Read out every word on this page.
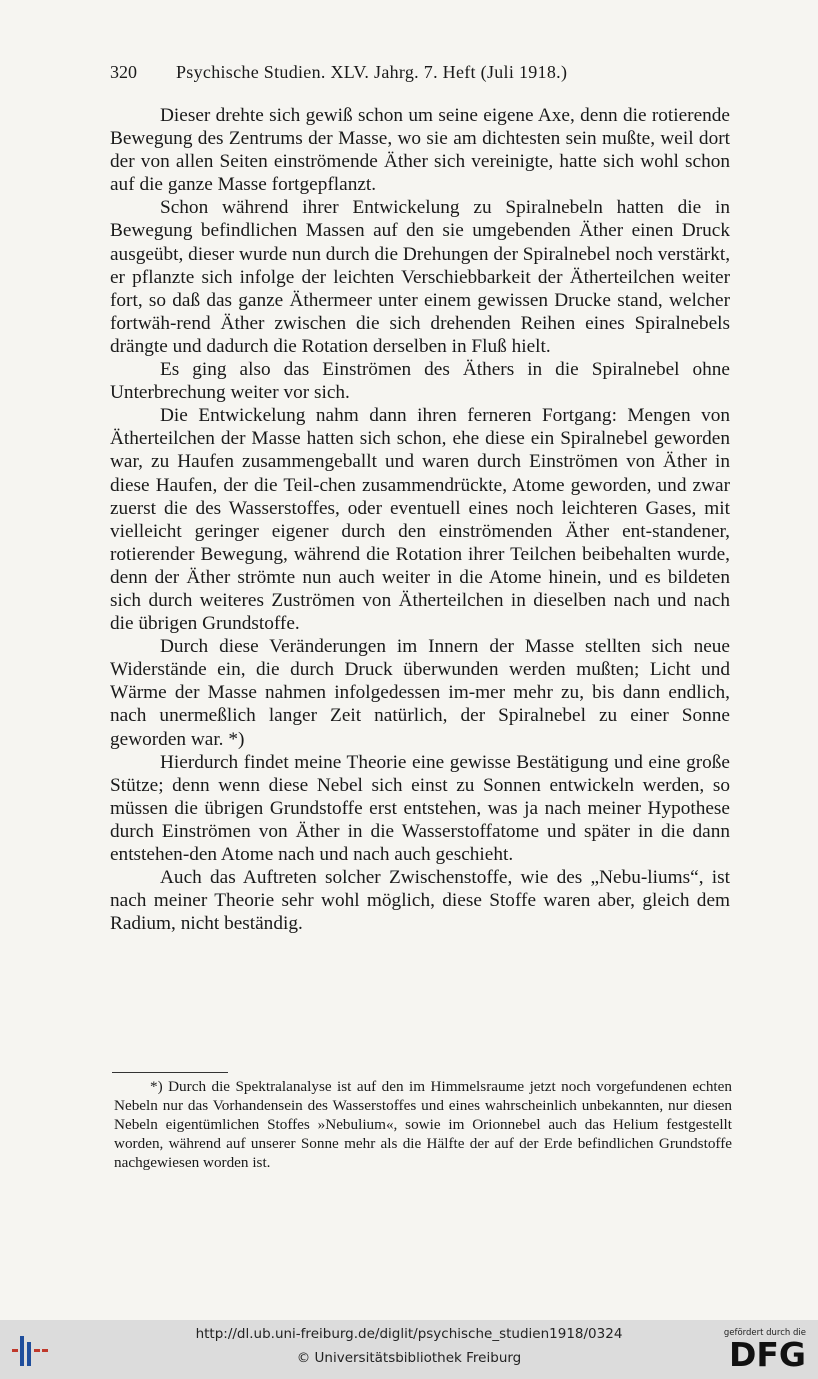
320 Psychische Studien. XLV. Jahrg. 7. Heft (Juli 1918.)

Dieser drehte sich gewiß schon um seine eigene Axe, denn die rotierende Bewegung des Zentrums der Masse, wo sie am dichtesten sein mußte, weil dort der von allen Seiten einströmende Äther sich vereinigte, hatte sich wohl schon auf die ganze Masse fortgepflanzt.

Schon während ihrer Entwickelung zu Spiralnebeln hatten die in Bewegung befindlichen Massen auf den sie umgebenden Äther einen Druck ausgeübt, dieser wurde nun durch die Drehungen der Spiralnebel noch verstärkt, er pflanzte sich infolge der leichten Verschiebbarkeit der Ätherteilchen weiter fort, so daß das ganze Äthermeer unter einem gewissen Drucke stand, welcher fortwäh-rend Äther zwischen die sich drehenden Reihen eines Spiralnebels drängte und dadurch die Rotation derselben in Fluß hielt.

Es ging also das Einströmen des Äthers in die Spiralnebel ohne Unterbrechung weiter vor sich.

Die Entwickelung nahm dann ihren ferneren Fortgang: Mengen von Ätherteilchen der Masse hatten sich schon, ehe diese ein Spiralnebel geworden war, zu Haufen zusammengeballt und waren durch Einströmen von Äther in diese Haufen, der die Teil-chen zusammendrückte, Atome geworden, und zwar zuerst die des Wasserstoffes, oder eventuell eines noch leichteren Gases, mit vielleicht geringer eigener durch den einströmenden Äther ent-standener, rotierender Bewegung, während die Rotation ihrer Teilchen beibehalten wurde, denn der Äther strömte nun auch weiter in die Atome hinein, und es bildeten sich durch weiteres Zuströmen von Ätherteilchen in dieselben nach und nach die übrigen Grundstoffe.

Durch diese Veränderungen im Innern der Masse stellten sich neue Widerstände ein, die durch Druck überwunden werden mußten; Licht und Wärme der Masse nahmen infolgedessen im-mer mehr zu, bis dann endlich, nach unermeßlich langer Zeit natürlich, der Spiralnebel zu einer Sonne geworden war. *)

Hierdurch findet meine Theorie eine gewisse Bestätigung und eine große Stütze; denn wenn diese Nebel sich einst zu Sonnen entwickeln werden, so müssen die übrigen Grundstoffe erst entstehen, was ja nach meiner Hypothese durch Einströmen von Äther in die Wasserstoffatome und später in die dann entstehen-den Atome nach und nach auch geschieht.

Auch das Auftreten solcher Zwischenstoffe, wie des „Nebu-liums“, ist nach meiner Theorie sehr wohl möglich, diese Stoffe waren aber, gleich dem Radium, nicht beständig.

*) Durch die Spektralanalyse ist auf den im Himmelsraume jetzt noch vorgefundenen echten Nebeln nur das Vorhandensein des Wasserstoffes und eines wahrscheinlich unbekannten, nur diesen Nebeln eigentümlichen Stoffes »Nebulium«, sowie im Orionnebel auch das Helium festgestellt worden, während auf unserer Sonne mehr als die Hälfte der auf der Erde befindlichen Grundstoffe nachgewiesen worden ist.

http://dl.ub.uni-freiburg.de/diglit/psychische_studien1918/0324
© Universitätsbibliothek Freiburg
gefördert durch die
DFG
